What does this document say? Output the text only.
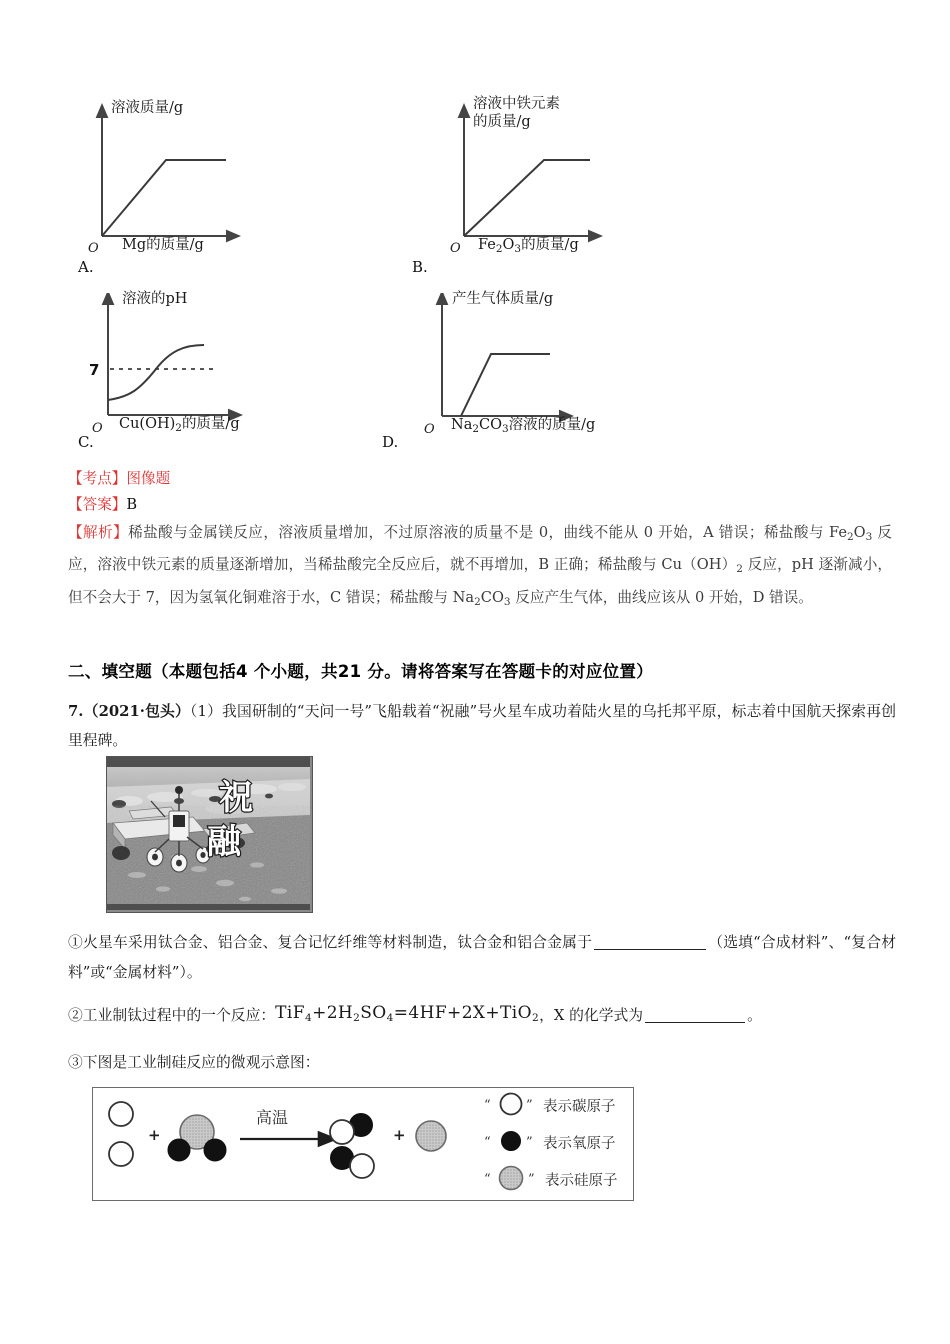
O
溶液质量/g
Mg的质量/g
A.
O
溶液中铁元素
的质量/g
$Fe_2O_3$的质量/g
B.
7
O
溶液的pH
$Cu(OH)_2$的质量/g
C.
O
产生气体质量/g
$Na_2CO_3$溶液的质量/g
D.
【考点】图像题
【答案】B
【解析】稀盐酸与金属镁反应，溶液质量增加，不过原溶液的质量不是 0，曲线不能从 0 开始，A 错误；稀盐酸与 $Fe_2O_3$ 反应，溶液中铁元素的质量逐渐增加，当稀盐酸完全反应后，就不再增加，B 正确；稀盐酸与 $Cu(OH)_2$ 反应，pH 逐渐减小，但不会大于 7，因为氢氧化铜难溶于水，C 错误；稀盐酸与 $Na_2CO_3$ 反应产生气体，曲线应该从 0 开始，D 错误。
二、填空题（本题包括4 个小题，共21 分。请将答案写在答题卡的对应位置）
7.（2021·包头）（1）我国研制的“天问一号”飞船载着“祝融”号火星车成功着陆火星的乌托邦平原，标志着中国航天探索再创里程碑。
祝
融
①火星车采用钛合金、铝合金、复合记忆纤维等材料制造，钛合金和铝合金属于	（选填“合成材料”、“复合材料”或“金属材料”）。
②工业制钛过程中的一个反应：$TiF_4+2H_2SO_4=4HF+2X+TiO_2$，X 的化学式为	。
③下图是工业制硅反应的微观示意图：
+
高温
+
“	” 表示碳原子
“	” 表示氧原子
“	” 表示硅原子
